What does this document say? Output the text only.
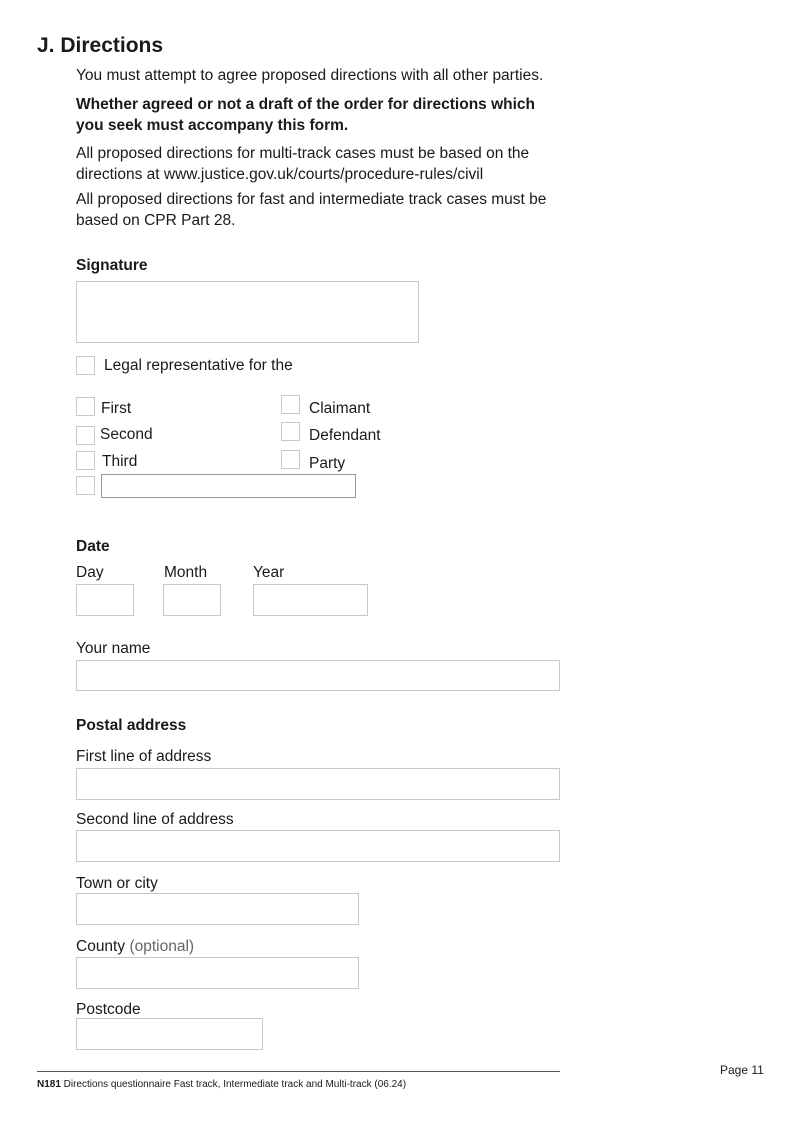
J. Directions
You must attempt to agree proposed directions with all other parties.
Whether agreed or not a draft of the order for directions which you seek must accompany this form.
All proposed directions for multi-track cases must be based on the directions at www.justice.gov.uk/courts/procedure-rules/civil
All proposed directions for fast and intermediate track cases must be based on CPR Part 28.
Signature
Legal representative for the
First
Second
Third
Claimant
Defendant
Party
Date
Day	Month	Year
Your name
Postal address
First line of address
Second line of address
Town or city
County (optional)
Postcode
Page 11
N181 Directions questionnaire Fast track, Intermediate track and Multi-track (06.24)
